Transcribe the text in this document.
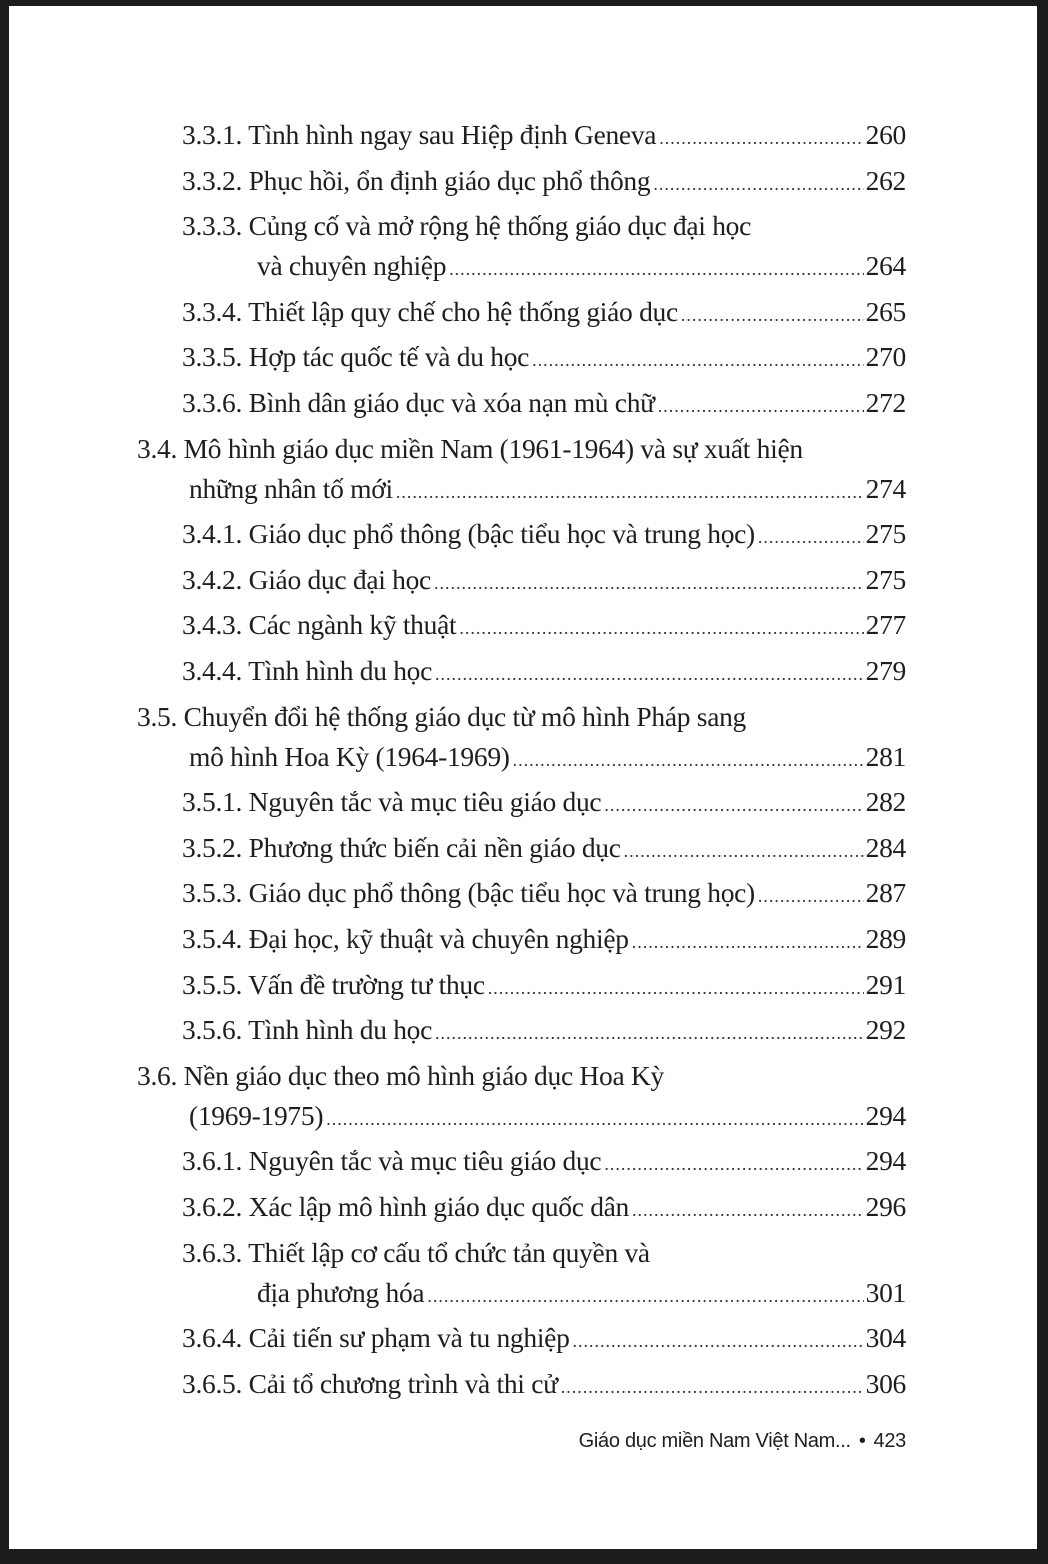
3.3.1. Tình hình ngay sau Hiệp định Geneva .....	260
3.3.2. Phục hồi, ổn định giáo dục phổ thông .....	262
3.3.3. Củng cố và mở rộng hệ thống giáo dục đại học
và chuyên nghiệp .....	264
3.3.4. Thiết lập quy chế cho hệ thống giáo dục .....	265
3.3.5. Hợp tác quốc tế và du học .....	270
3.3.6. Bình dân giáo dục và xóa nạn mù chữ .....	272
3.4. Mô hình giáo dục miền Nam (1961-1964) và sự xuất hiện
những nhân tố mới .....	274
3.4.1. Giáo dục phổ thông (bậc tiểu học và trung học) .....	275
3.4.2. Giáo dục đại học .....	275
3.4.3. Các ngành kỹ thuật .....	277
3.4.4. Tình hình du học .....	279
3.5. Chuyển đổi hệ thống giáo dục từ mô hình Pháp sang
mô hình Hoa Kỳ (1964-1969) .....	281
3.5.1. Nguyên tắc và mục tiêu giáo dục .....	282
3.5.2. Phương thức biến cải nền giáo dục .....	284
3.5.3. Giáo dục phổ thông (bậc tiểu học và trung học) .....	287
3.5.4. Đại học, kỹ thuật và chuyên nghiệp .....	289
3.5.5. Vấn đề trường tư thục .....	291
3.5.6. Tình hình du học .....	292
3.6. Nền giáo dục theo mô hình giáo dục Hoa Kỳ
(1969-1975) .....	294
3.6.1. Nguyên tắc và mục tiêu giáo dục .....	294
3.6.2. Xác lập mô hình giáo dục quốc dân .....	296
3.6.3. Thiết lập cơ cấu tổ chức tản quyền và
địa phương hóa .....	301
3.6.4. Cải tiến sư phạm và tu nghiệp .....	304
3.6.5. Cải tổ chương trình và thi cử .....	306
Giáo dục miền Nam Việt Nam... • 423
